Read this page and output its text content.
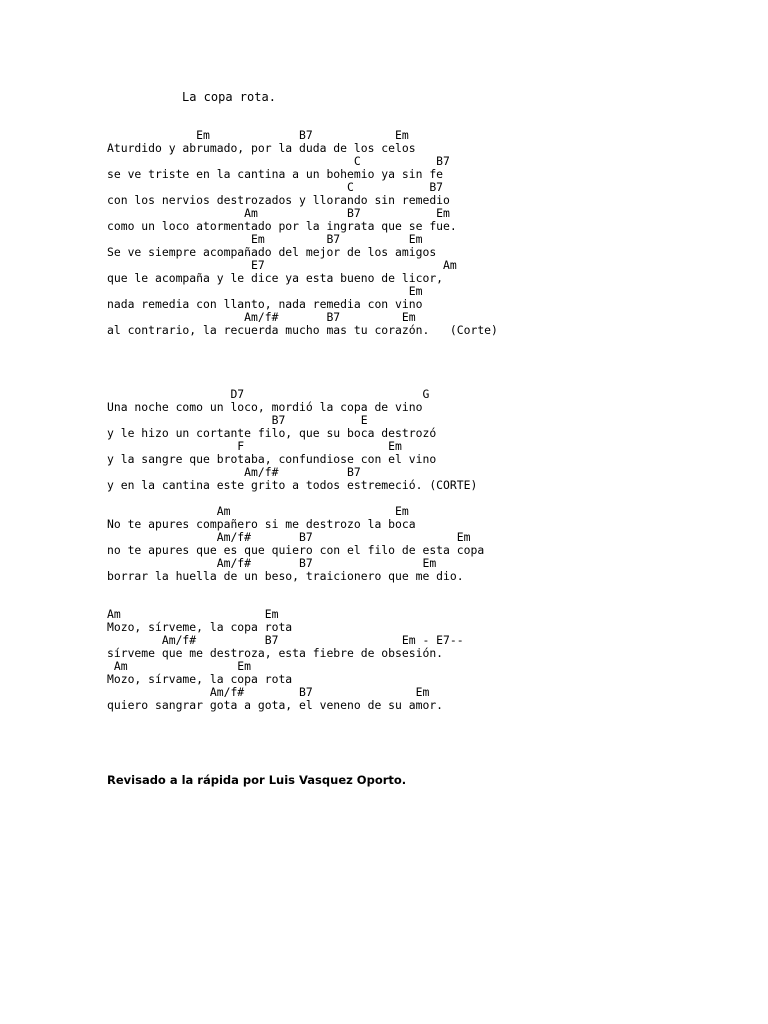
La copa rota.

Em             B7            Em
Aturdido y abrumado, por la duda de los celos
C           B7
se ve triste en la cantina a un bohemio ya sin fe
C           B7
con los nervios destrozados y llorando sin remedio
Am             B7           Em
como un loco atormentado por la ingrata que se fue.
Em         B7          Em
Se ve siempre acompañado del mejor de los amigos
E7                          Am
que le acompaña y le dice ya esta bueno de licor,
Em
nada remedia con llanto, nada remedia con vino
Am/f#       B7         Em
al contrario, la recuerda mucho mas tu corazón.   (Corte)
D7                          G
Una noche como un loco, mordió la copa de vino
B7           E
y le hizo un cortante filo, que su boca destrozó
F                     Em
y la sangre que brotaba, confundiose con el vino
Am/f#          B7
y en la cantina este grito a todos estremeció. (CORTE)
Am                        Em
No te apures compañero si me destrozo la boca
Am/f#       B7                     Em
no te apures que es que quiero con el filo de esta copa
Am/f#       B7                Em
borrar la huella de un beso, traicionero que me dio.
Am                     Em
Mozo, sírveme, la copa rota
Am/f#          B7                  Em - E7--
sírveme que me destroza, esta fiebre de obsesión.
Am                Em
Mozo, sírvame, la copa rota
Am/f#        B7               Em
quiero sangrar gota a gota, el veneno de su amor.

Revisado a la rápida por Luis Vasquez Oporto.
